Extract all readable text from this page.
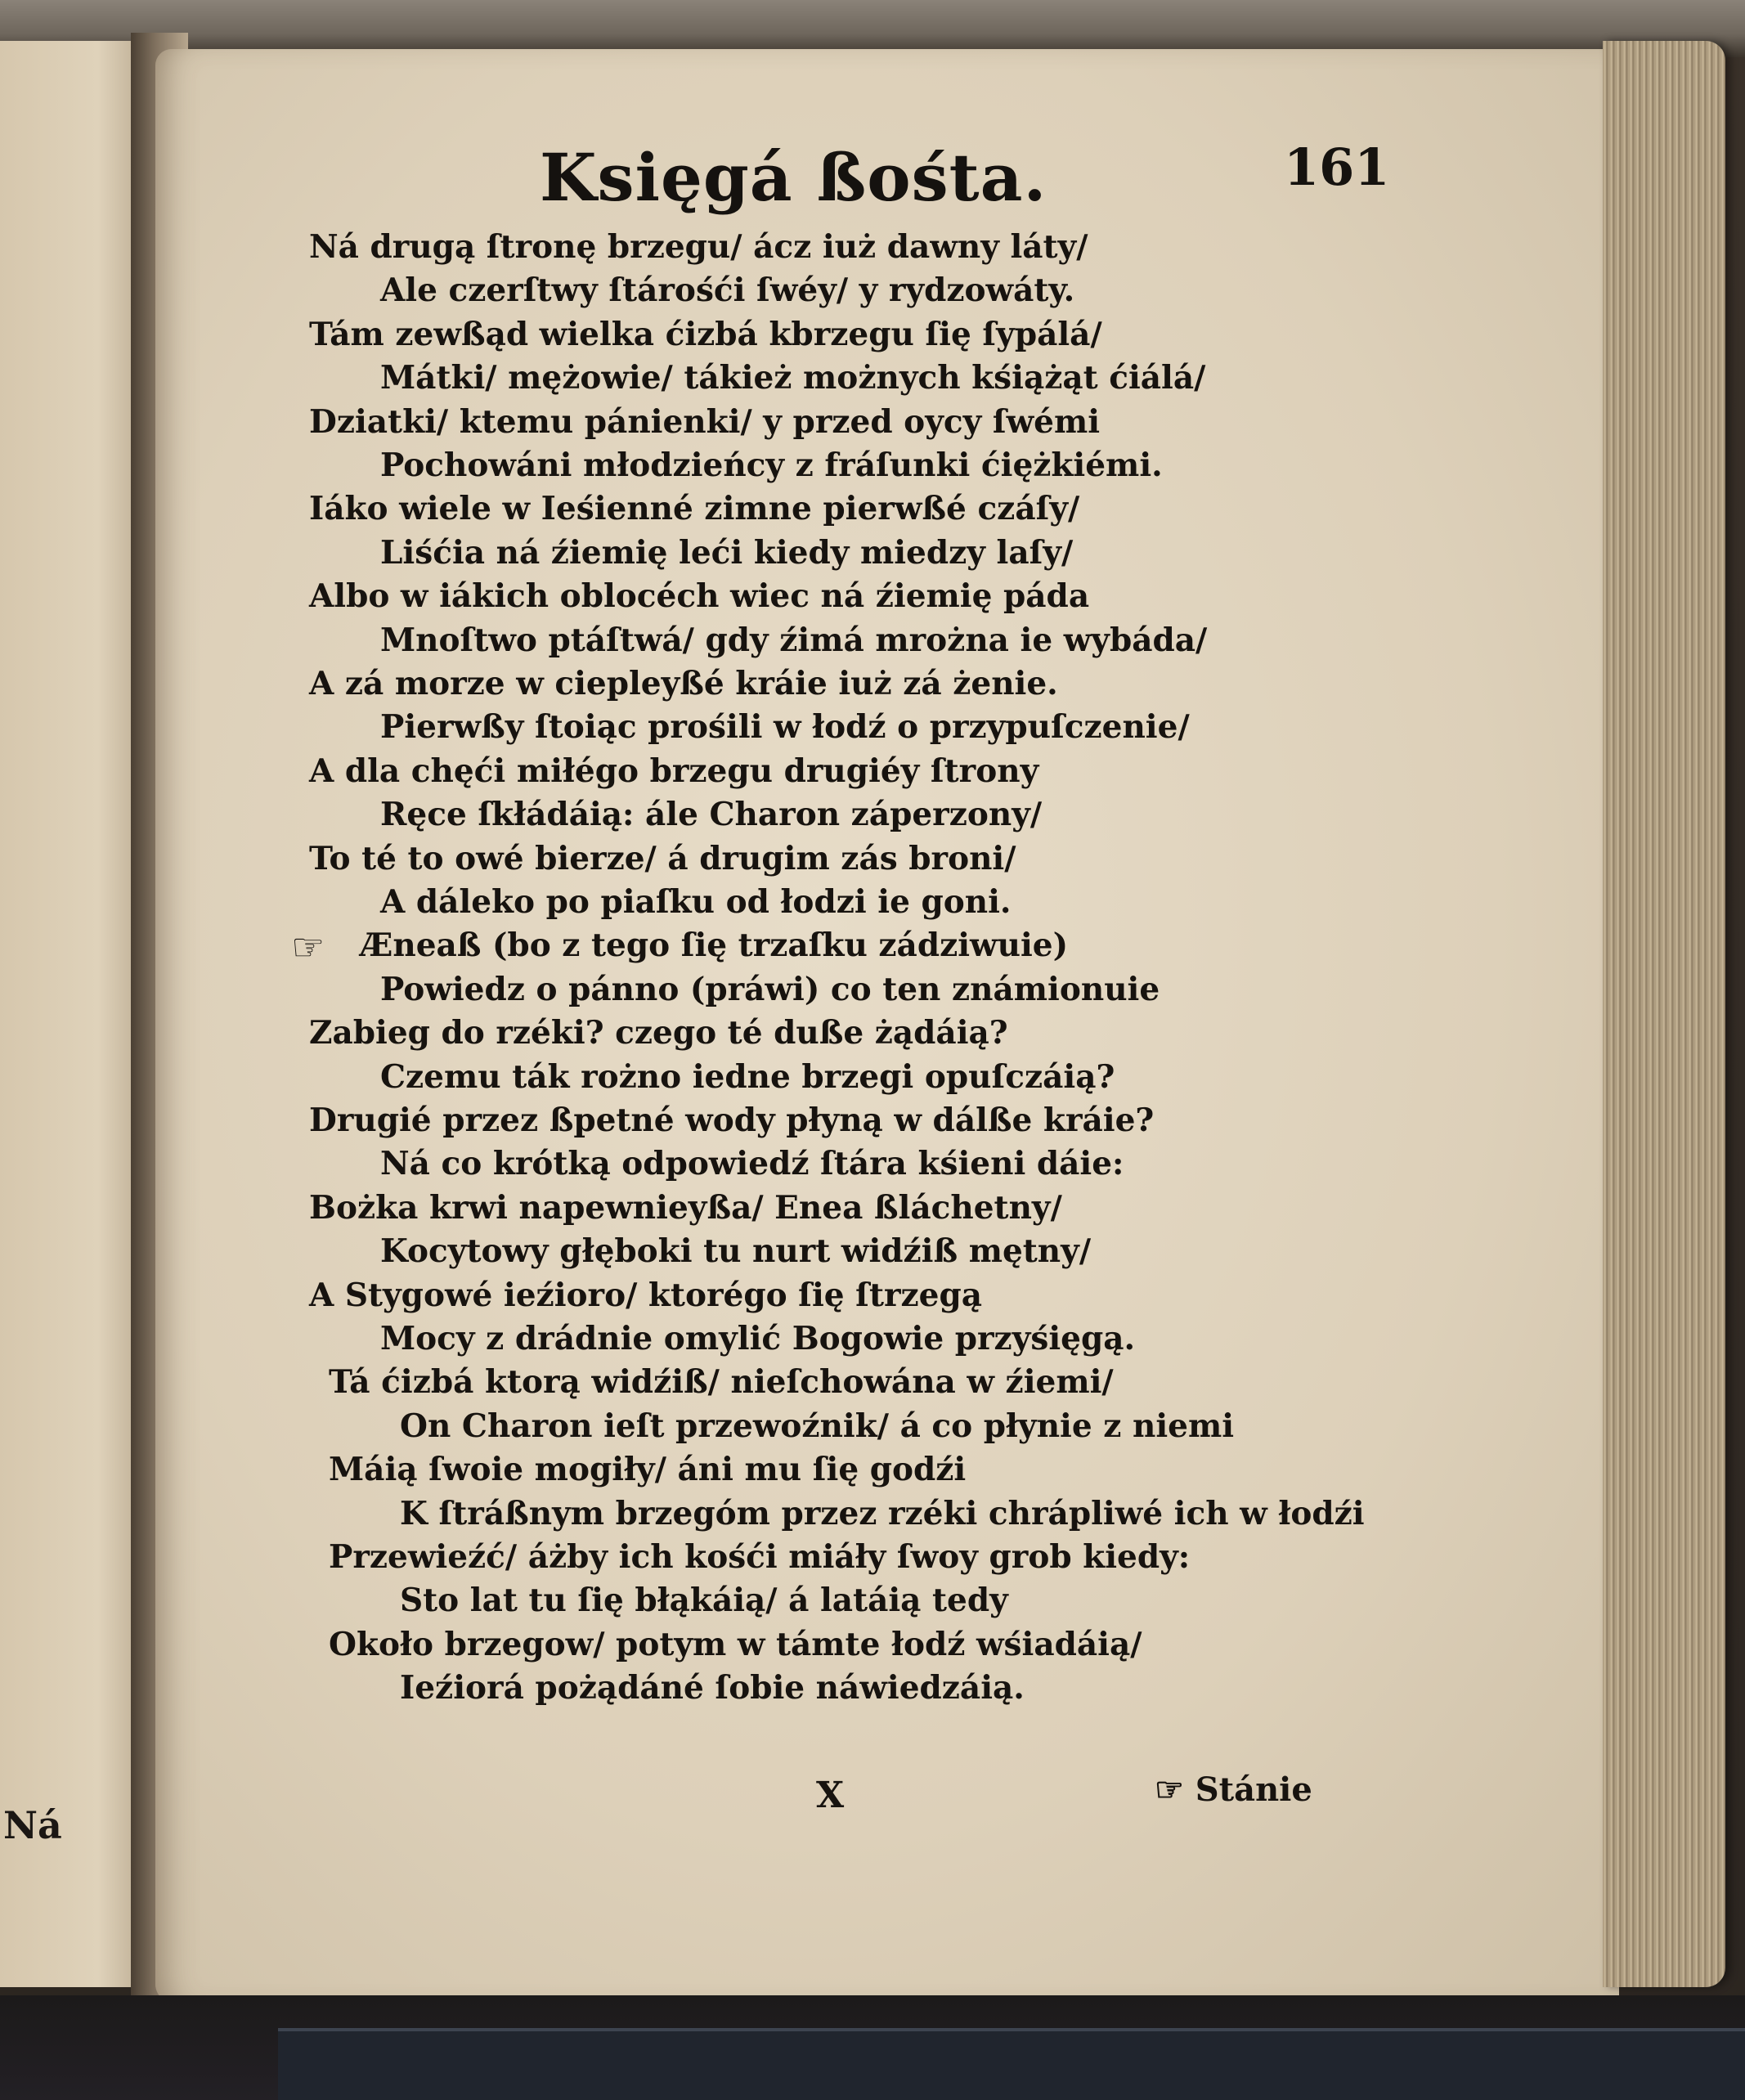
Ná
Księgá ßośta.	161
Ná drugą ſtronę brzegu/ ácz iuż dawny láty/
Ale czerſtwy ſtárośći ſwéy/ y rydzowáty.
Tám zewßąd wielka ćizbá kbrzegu ſię ſypálá/
Mátki/ mężowie/ tákież możnych kśiążąt ćiálá/
Dziatki/ ktemu pánienki/ y przed oycy ſwémi
Pochowáni młodzieńcy z fráſunki ćiężkiémi.
Iáko wiele w Ieśienné zimne pierwßé czáſy/
Liśćia ná źiemię leći kiedy miedzy laſy/
Albo w iákich oblocéch wiec ná źiemię páda
Mnoſtwo ptáſtwá/ gdy źimá mrożna ie wybáda/
A zá morze w ciepleyßé kráie iuż zá żenie.
Pierwßy ſtoiąc prośili w łodź o przypuſczenie/
A dla chęći miłégo brzegu drugiéy ſtrony
Ręce ſkłádáią: ále Charon záperzony/
To té to owé bierze/ á drugim zás broni/
A dáleko po piaſku od łodzi ie goni.
Æneaß (bo z tego ſię trzaſku zádziwuie)
Powiedz o pánno (práwi) co ten známionuie
Zabieg do rzéki? czego té duße żądáią?
Czemu ták rożno iedne brzegi opuſczáią?
Drugié przez ßpetné wody płyną w dálße kráie?
Ná co krótką odpowiedź ſtára kśieni dáie:
Bożka krwi napewnieyßa/ Enea ßláchetny/
Kocytowy głęboki tu nurt widźiß mętny/
A Stygowé ieźioro/ ktorégo ſię ſtrzegą
Mocy z drádnie omylić Bogowie przyśięgą.
Tá ćizbá ktorą widźiß/ nieſchowána w źiemi/
On Charon ieſt przewoźnik/ á co płynie z niemi
Máią ſwoie mogiły/ áni mu ſię godźi
K ſtráßnym brzegóm przez rzéki chrápliwé ich w łodźi
Przewieźć/ áżby ich kośći miáły ſwoy grob kiedy:
Sto lat tu ſię błąkáią/ á latáią tedy
Około brzegow/ potym w támte łodź wśiadáią/
Ieźiorá pożądáné ſobie náwiedzáią.
☞
X	☞ Stánie
